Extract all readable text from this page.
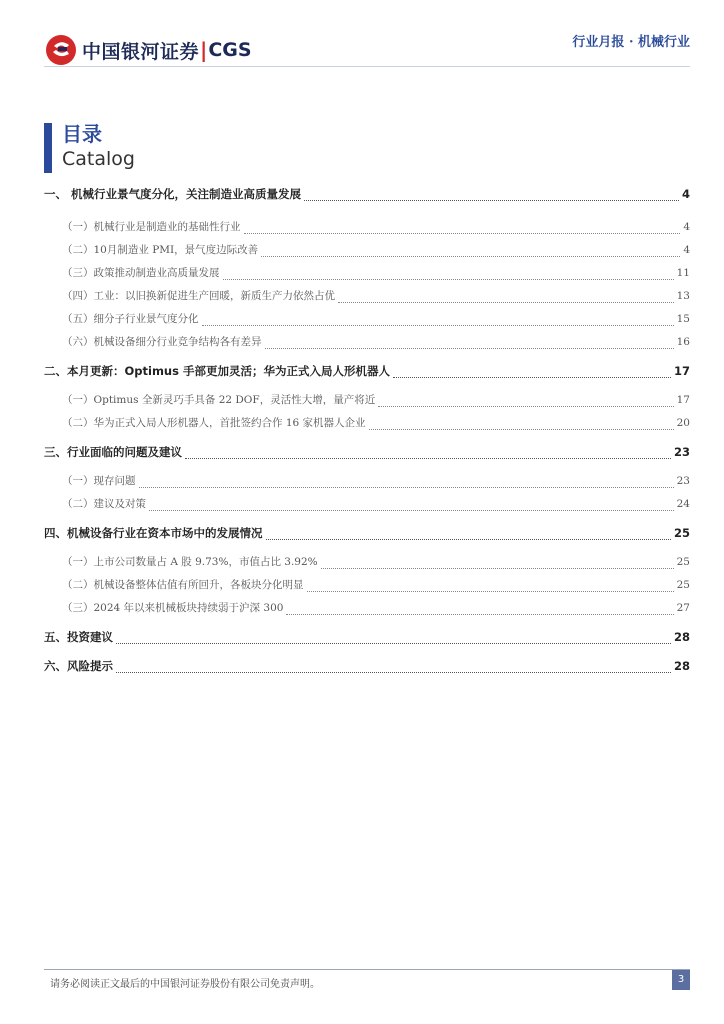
中国银河证券 | CGS	行业月报 · 机械行业
目录
Catalog
一、 机械行业景气度分化，关注制造业高质量发展	4
（一）机械行业是制造业的基础性行业	4
（二）10月制造业 PMI，景气度边际改善	4
（三）政策推动制造业高质量发展	11
（四）工业：以旧换新促进生产回暖，新质生产力依然占优	13
（五）细分子行业景气度分化	15
（六）机械设备细分行业竞争结构各有差异	16
二、本月更新：Optimus 手部更加灵活；华为正式入局人形机器人	17
（一）Optimus 全新灵巧手具备 22 DOF，灵活性大增，量产将近	17
（二）华为正式入局人形机器人，首批签约合作 16 家机器人企业	20
三、行业面临的问题及建议	23
（一）现存问题	23
（二）建议及对策	24
四、机械设备行业在资本市场中的发展情况	25
（一）上市公司数量占 A 股 9.73%，市值占比 3.92%	25
（二）机械设备整体估值有所回升，各板块分化明显	25
（三）2024 年以来机械板块持续弱于沪深 300	27
五、投资建议	28
六、风险提示	28
请务必阅读正文最后的中国银河证券股份有限公司免责声明。	3
